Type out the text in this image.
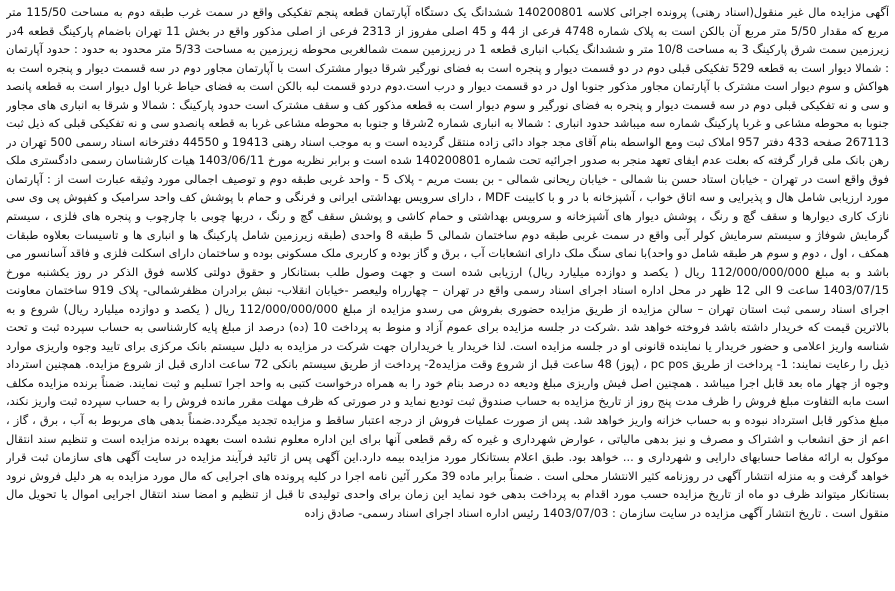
آگهی مزایده مال غیر منقول(اسناد رهنی) پرونده اجرائی کلاسه 140200801 ششدانگ یک دستگاه آپارتمان قطعه پنجم تفکیکی واقع در سمت غرب طبقه دوم به مساحت 115/50 متر مربع که مقدار 5/50 متر مربع آن بالکن است به پلاک شماره 4748 فرعی از 44 و 45 اصلی مفروز از 2313 فرعی از اصلی مذکور واقع در بخش 11 تهران باضمام پارکینگ قطعه 4در زیرزمین سمت شرق پارکینگ 3 به مساحت 10/8 متر و ششدانگ یکباب انباری قطعه 1 در زیرزمین سمت شمالغربی محوطه زیرزمین به مساحت 5/33 متر محدود به حدود : حدود آپارتمان : شمالا دیوار است به قطعه 529 تفکیکی قبلی دوم در دو قسمت دیوار و پنجره است به فضای نورگیر شرقا دیوار مشترک است با آپارتمان مجاور دوم در سه قسمت دیوار و پنجره است به هواکش و سوم دیوار است مشترک با آپارتمان مجاور مذکور جنوبا اول در دو قسمت دیوار و درب است.دوم دردو قسمت لبه بالکن است به فضای حیاط غربا اول دیوار است به قطعه پانصد و سی و نه تفکیکی قبلی دوم در سه قسمت دیوار و پنجره به فضای نورگیر و سوم دیوار است به قطعه مذکور کف و سقف مشترک است حدود پارکینگ : شمالا و شرقا به انباری های مجاور جنوبا به محوطه مشاعی و غربا پارکینگ شماره سه میباشد حدود انباری : شمالا به انباری شماره 2شرقا و جنوبا به محوطه مشاعی غربا به قطعه پانصدو سی و نه تفکیکی قبلی که ذیل ثبت 267113 صفحه 433 دفتر 957 املاک ثبت ومع الواسطه بنام آقای مجد جواد دائی زاده منتقل گردیده است و به موجب اسناد رهنی 19413 و 44550 دفترخانه اسناد رسمی 500 تهران در رهن بانک ملی قرار گرفته که بعلت عدم ایفای تعهد منجر به صدور اجرائیه تحت شماره 140200801 شده است و برابر نظریه مورخ 1403/06/11 هیات کارشناسان رسمی دادگستری ملک فوق واقع است در تهران - خیابان استاد حسن بنا شمالی - خیابان ریحانی شمالی - بن بست مریم - پلاک 5 - واحد غربی طبقه دوم و توصیف اجمالی مورد وثیقه عبارت است از : آپارتمان مورد ارزیابی شامل هال و پذیرایی و سه اتاق خواب ، آشپزخانه با در و با کابینت MDF ، دارای سرویس بهداشتی ایرانی و فرنگی و حمام با پوشش کف واحد سرامیک و کفپوش پی وی سی نازک کاری دیوارها و سقف گچ و رنگ ، پوشش دیوار های آشپزخانه و سرویس بهداشتی و حمام کاشی و پوشش سقف گچ و رنگ ، دربها چوبی با چارچوب و پنجره های فلزی ، سیستم گرمایش شوفاژ و سیستم سرمایش کولر آبی واقع در سمت غربی طبقه دوم ساختمان شمالی 5 طبقه 8 واحدی (طبقه زیرزمین شامل پارکینگ ها و انباری ها و تاسیسات بعلاوه طبقات همکف ، اول ، دوم و سوم هر طبقه شامل دو واحد)با نمای سنگ ملک دارای انشعابات آب ، برق و گاز بوده و کاربری ملک مسکونی بوده و ساختمان دارای اسکلت فلزی و فاقد آسانسور می باشد و به مبلغ 112/000/000/000 ریال ( یکصد و دوازده میلیارد ریال) ارزیابی شده است و جهت وصول طلب بستانکار و حقوق دولتی کلاسه فوق الذکر در روز یکشنبه مورخ 1403/07/15 ساعت 9 الی 12 ظهر در محل اداره اسناد اجرای اسناد رسمی واقع در تهران – چهارراه ولیعصر -خیابان انقلاب- نبش برادران مظفرشمالی- پلاک 919 ساختمان معاونت اجرای اسناد رسمی ثبت استان تهران – سالن مزایده از طریق مزایده حضوری بفروش می رسدو مزایده از مبلغ 112/000/000/000 ریال ( یکصد و دوازده میلیارد ریال) شروع و به بالاترین قیمت که خریدار داشته باشد فروخته خواهد شد .شرکت در جلسه مزایده برای عموم آزاد و منوط به پرداخت 10 (ده) درصد از مبلغ پایه کارشناسی به حساب سپرده ثبت و تحت شناسه واریز اعلامی و حضور خریدار یا نماینده قانونی او در جلسه مزایده است. لذا خریدار یا خریداران جهت شرکت در مزایده به دلیل سیستم بانک مرکزی برای تایید وجوه واریزی موارد ذیل را رعایت نمایند: 1- پرداخت از طریق pc pos ، (پوز) 48 ساعت قبل از شروع وقت مزایده2- پرداخت از طریق سیستم بانکی 72 ساعت اداری قبل از شروع مزایده. همچنین استرداد وجوه از چهار ماه بعد قابل اجرا میباشد . همچنین اصل فیش واریزی مبلغ ودیعه ده درصد بنام خود را به همراه درخواست کتبی به واحد اجرا تسلیم و ثبت نمایند. ضمناً برنده مزایده مکلف است مابه التفاوت مبلغ فروش را ظرف مدت پنج روز از تاریخ مزایده به حساب صندوق ثبت تودیع نماید و در صورتی که ظرف مهلت مقرر مانده فروش را به حساب سپرده ثبت واریز نکند، مبلغ مذکور قابل استرداد نبوده و به حساب خزانه واریز خواهد شد. پس از صورت عملیات فروش از درجه اعتبار ساقط و مزایده تجدید میگردد.ضمناً بدهی های مربوط به آب ، برق ، گاز ، اعم از حق انشعاب و اشتراک و مصرف و نیز بدهی مالیاتی ، عوارض شهرداری و غیره که رقم قطعی آنها برای این اداره معلوم نشده است بعهده برنده مزایده است و تنظیم سند انتقال موکول به ارائه مفاصا حسابهای دارایی و شهرداری و ... خواهد بود. طبق اعلام بستانکار مورد مزایده بیمه دارد.این آگهی پس از تائید فرآیند مزایده در سایت آگهی های سازمان ثبت قرار خواهد گرفت و به منزله انتشار آگهی در روزنامه کثیر الانتشار محلی است . ضمناً برابر ماده 39 مکرر آئین نامه اجرا در کلیه پرونده های اجرایی که مال مورد مزایده به هر دلیل فروش نرود بستانکار میتواند ظرف دو ماه از تاریخ مزایده حسب مورد اقدام به پرداخت بدهی خود نماید این زمان برای واحدی تولیدی تا قبل از تنظیم و امضا سند انتقال اجرایی اموال یا تحویل مال منقول است . تاریخ انتشار آگهی مزایده در سایت سازمان : 1403/07/03 رئیس اداره اسناد اجرای اسناد رسمی- صادق زاده
